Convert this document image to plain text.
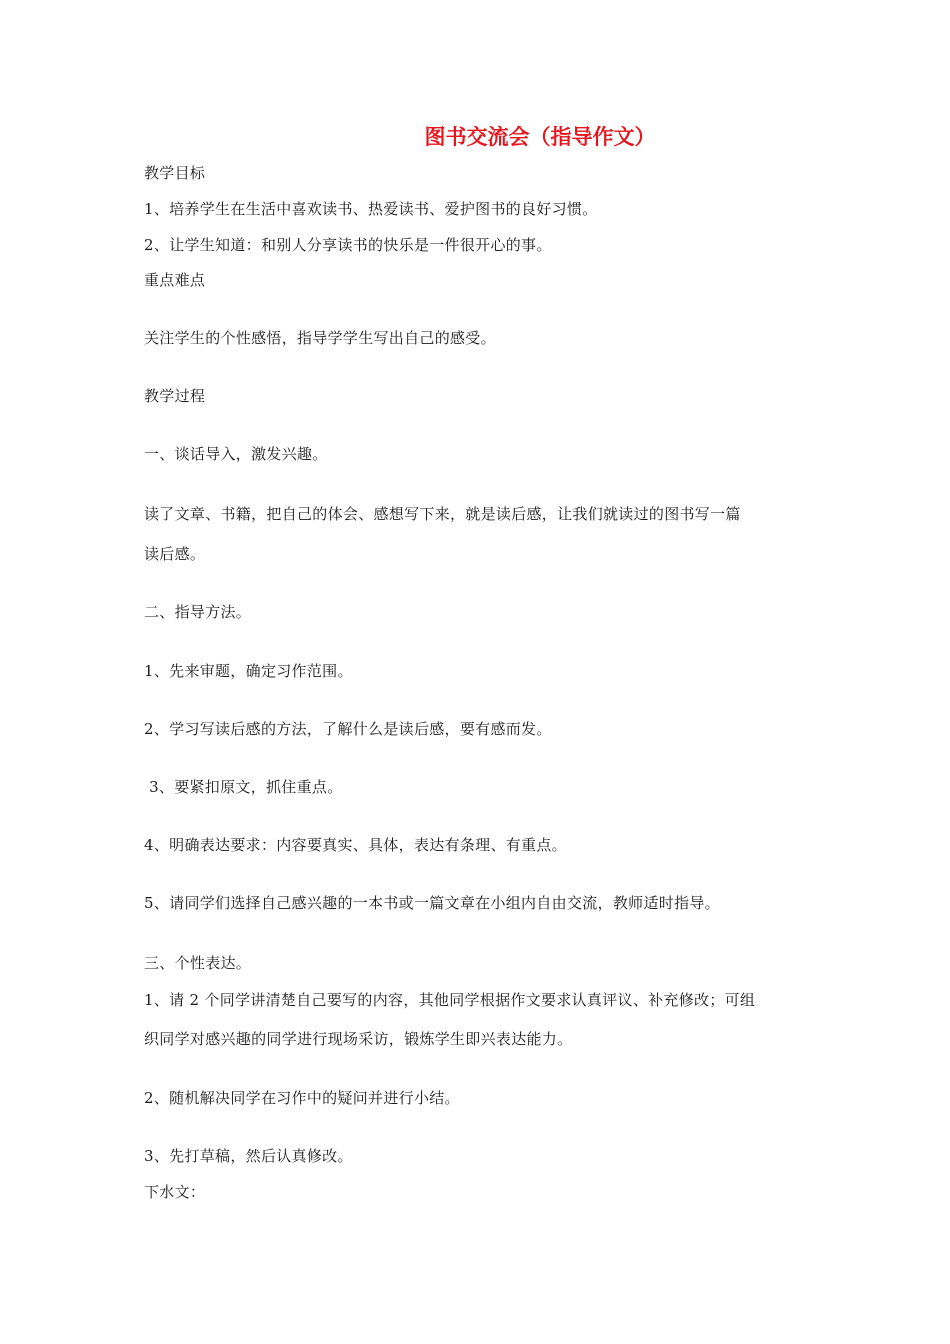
图书交流会（指导作文）
教学目标
1、培养学生在生活中喜欢读书、热爱读书、爱护图书的良好习惯。
2、让学生知道：和别人分享读书的快乐是一件很开心的事。
重点难点
关注学生的个性感悟，指导学学生写出自己的感受。
教学过程
一、谈话导入，激发兴趣。
读了文章、书籍，把自己的体会、感想写下来，就是读后感，让我们就读过的图书写一篇
读后感。
二、指导方法。
1、先来审题，确定习作范围。
2、学习写读后感的方法，了解什么是读后感，要有感而发。
3、要紧扣原文，抓住重点。
4、明确表达要求：内容要真实、具体，表达有条理、有重点。
5、请同学们选择自己感兴趣的一本书或一篇文章在小组内自由交流，教师适时指导。
三、个性表达。
1、请 2 个同学讲清楚自己要写的内容，其他同学根据作文要求认真评议、补充修改；可组
织同学对感兴趣的同学进行现场采访，锻炼学生即兴表达能力。
2、随机解决同学在习作中的疑问并进行小结。
3、先打草稿，然后认真修改。
下水文：
